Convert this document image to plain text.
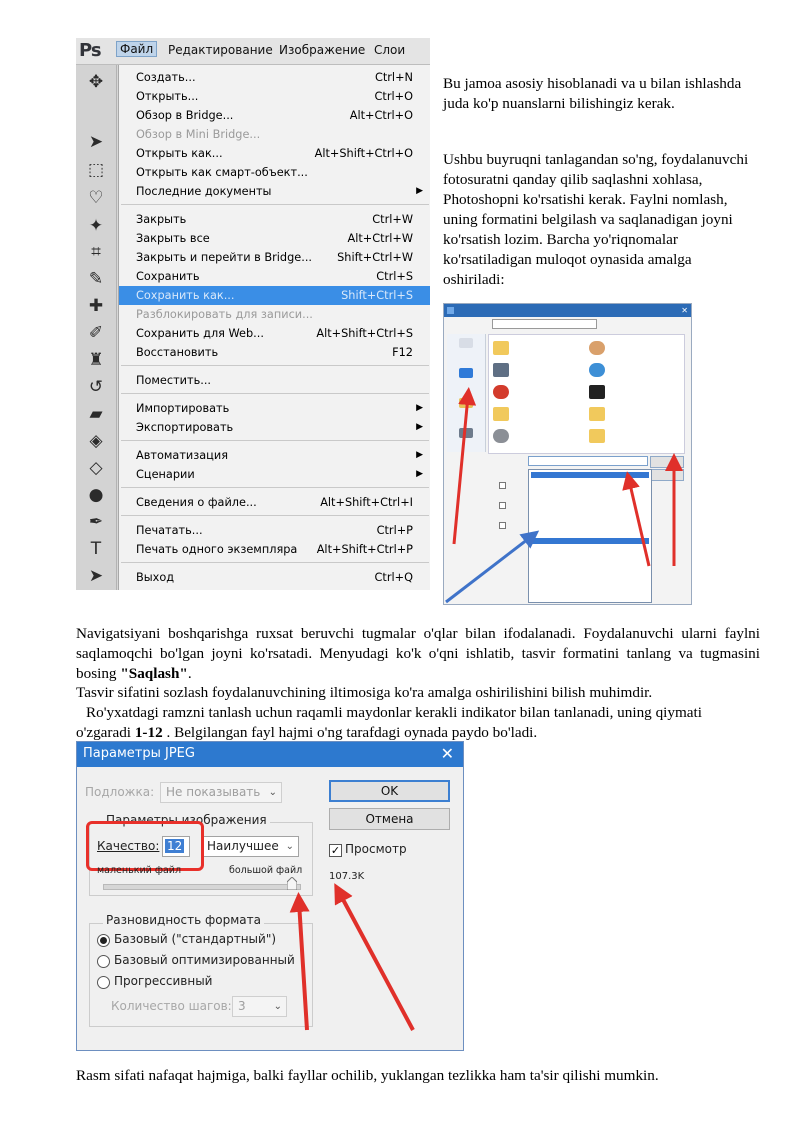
Ps	Файл	Редактирование Изображение Слои
✥
➤
⬚
♡
✦
⌗
✎
✚
✐
♜
↺
▰
◈
◇
●
✒
T
➤
Создать...	Ctrl+N
Открыть...	Ctrl+O
Обзор в Bridge...	Alt+Ctrl+O
Обзор в Mini Bridge...
Открыть как...	Alt+Shift+Ctrl+O
Открыть как смарт-объект...
Последние документы	▶
Закрыть	Ctrl+W
Закрыть все	Alt+Ctrl+W
Закрыть и перейти в Bridge... Shift+Ctrl+W
Сохранить	Ctrl+S
Сохранить как...	Shift+Ctrl+S
Разблокировать для записи...
Сохранить для Web...	Alt+Shift+Ctrl+S
Восстановить	F12
Поместить...
Импортировать	▶
Экспортировать	▶
Автоматизация	▶
Сценарии	▶
Сведения о файле...	Alt+Shift+Ctrl+I
Печатать...	Ctrl+P
Печать одного экземпляра Alt+Shift+Ctrl+P
Выход	Ctrl+Q
Bu jamoa asosiy hisoblanadi va u bilan ishlashda juda ko'p nuanslarni bilishingiz kerak.
Ushbu buyruqni tanlagandan so'ng, foydalanuvchi fotosuratni qanday qilib saqlashni xohlasa, Photoshopni ko'rsatishi kerak. Faylni nomlash, uning formatini belgilash va saqlanadigan joyni ko'rsatish lozim. Barcha yo'riqnomalar ko'rsatiladigan muloqot oynasida amalga oshiriladi:
✕
Navigatsiyani boshqarishga ruxsat beruvchi tugmalar o'qlar bilan ifodalanadi. Foydalanuvchi ularni faylni saqlamoqchi bo'lgan joyni ko'rsatadi. Menyudagi ko'k o'qni ishlatib, tasvir formatini tanlang va tugmasini bosing "Saqlash".
Tasvir sifatini sozlash foydalanuvchining iltimosiga ko'ra amalga oshirilishini bilish muhimdir.
Ro'yxatdagi ramzni tanlash uchun raqamli maydonlar kerakli indikator bilan tanlanadi, uning qiymati o'zgaradi 1-12 . Belgilangan fayl hajmi o'ng tarafdagi oynada paydo bo'ladi.
Параметры JPEG	✕
Подложка: Не показывать ⌄
Параметры изображения
Качество: 12	Наилучшее ⌄
маленький файл	большой файл
Разновидность формата
Базовый ("стандартный")
Базовый оптимизированный
Прогрессивный
Количество шагов: 3	⌄
OK
Отмена
✓ Просмотр
107.3K
Rasm sifati nafaqat hajmiga, balki fayllar ochilib, yuklangan tezlikka ham ta'sir qilishi mumkin.
